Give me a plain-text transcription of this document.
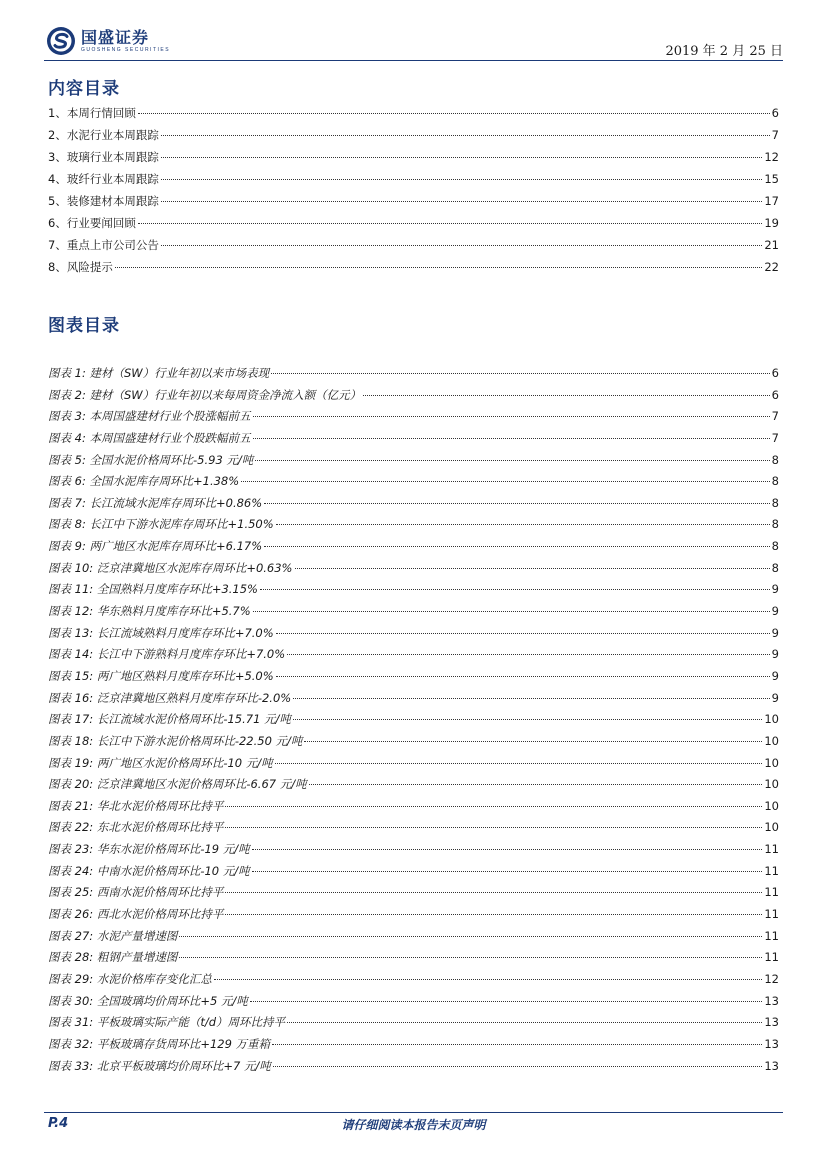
国盛证券
GUOSHENG SECURITIES	2019 年 2 月 25 日
内容目录
1、本周行情回顾	6
2、水泥行业本周跟踪	7
3、玻璃行业本周跟踪	12
4、玻纤行业本周跟踪	15
5、装修建材本周跟踪	17
6、行业要闻回顾	19
7、重点上市公司公告	21
8、风险提示	22
图表目录
图表 1: 建材（SW）行业年初以来市场表现	6
图表 2: 建材（SW）行业年初以来每周资金净流入额（亿元）	6
图表 3: 本周国盛建材行业个股涨幅前五	7
图表 4: 本周国盛建材行业个股跌幅前五	7
图表 5: 全国水泥价格周环比-5.93 元/吨	8
图表 6: 全国水泥库存周环比+1.38%	8
图表 7: 长江流域水泥库存周环比+0.86%	8
图表 8: 长江中下游水泥库存周环比+1.50%	8
图表 9: 两广地区水泥库存周环比+6.17%	8
图表 10: 泛京津冀地区水泥库存周环比+0.63%	8
图表 11: 全国熟料月度库存环比+3.15%	9
图表 12: 华东熟料月度库存环比+5.7%	9
图表 13: 长江流域熟料月度库存环比+7.0%	9
图表 14: 长江中下游熟料月度库存环比+7.0%	9
图表 15: 两广地区熟料月度库存环比+5.0%	9
图表 16: 泛京津冀地区熟料月度库存环比-2.0%	9
图表 17: 长江流域水泥价格周环比-15.71 元/吨	10
图表 18: 长江中下游水泥价格周环比-22.50 元/吨	10
图表 19: 两广地区水泥价格周环比-10 元/吨	10
图表 20: 泛京津冀地区水泥价格周环比-6.67 元/吨	10
图表 21: 华北水泥价格周环比持平	10
图表 22: 东北水泥价格周环比持平	10
图表 23: 华东水泥价格周环比-19 元/吨	11
图表 24: 中南水泥价格周环比-10 元/吨	11
图表 25: 西南水泥价格周环比持平	11
图表 26: 西北水泥价格周环比持平	11
图表 27: 水泥产量增速图	11
图表 28: 粗钢产量增速图	11
图表 29: 水泥价格库存变化汇总	12
图表 30: 全国玻璃均价周环比+5 元/吨	13
图表 31: 平板玻璃实际产能（t/d）周环比持平	13
图表 32: 平板玻璃存货周环比+129 万重箱	13
图表 33: 北京平板玻璃均价周环比+7 元/吨	13
P.4	请仔细阅读本报告末页声明
